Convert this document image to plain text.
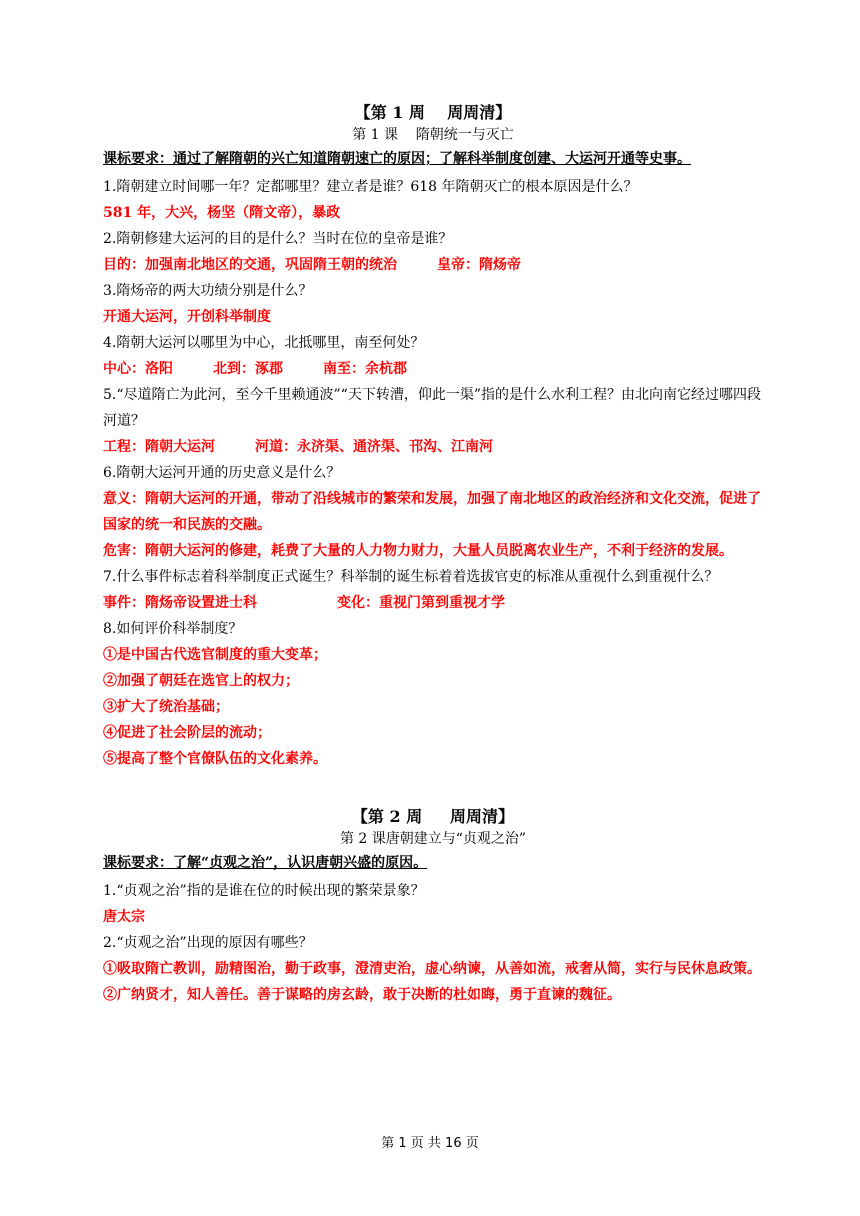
【第 1 周    周周清】

第 1 课    隋朝统一与灭亡

课标要求：通过了解隋朝的兴亡知道隋朝速亡的原因；了解科举制度创建、大运河开通等史事。

1.隋朝建立时间哪一年？定都哪里？建立者是谁？618 年隋朝灭亡的根本原因是什么？

581 年，大兴，杨坚（隋文帝），暴政

2.隋朝修建大运河的目的是什么？当时在位的皇帝是谁？

目的：加强南北地区的交通，巩固隋王朝的统治	皇帝：隋炀帝

3.隋炀帝的两大功绩分别是什么？

开通大运河，开创科举制度

4.隋朝大运河以哪里为中心，北抵哪里，南至何处？

中心：洛阳	北到：涿郡	南至：余杭郡

5.“尽道隋亡为此河，至今千里赖通波”“天下转漕，仰此一渠”指的是什么水利工程？由北向南它经过哪四段河道？

工程：隋朝大运河	河道：永济渠、通济渠、邗沟、江南河

6.隋朝大运河开通的历史意义是什么？

意义：隋朝大运河的开通，带动了沿线城市的繁荣和发展，加强了南北地区的政治经济和文化交流，促进了国家的统一和民族的交融。

危害：隋朝大运河的修建，耗费了大量的人力物力财力，大量人员脱离农业生产，不利于经济的发展。

7.什么事件标志着科举制度正式诞生？科举制的诞生标着着选拔官吏的标准从重视什么到重视什么？

事件：隋炀帝设置进士科	变化：重视门第到重视才学

8.如何评价科举制度？

①是中国古代选官制度的重大变革；

②加强了朝廷在选官上的权力；

③扩大了统治基础；

④促进了社会阶层的流动；

⑤提高了整个官僚队伍的文化素养。

【第 2 周     周周清】

第 2 课唐朝建立与“贞观之治”

课标要求：了解“贞观之治”，认识唐朝兴盛的原因。

1.“贞观之治”指的是谁在位的时候出现的繁荣景象？

唐太宗

2.“贞观之治”出现的原因有哪些？

①吸取隋亡教训，励精图治，勤于政事，澄清吏治，虚心纳谏，从善如流，戒奢从简，实行与民休息政策。

②广纳贤才，知人善任。善于谋略的房玄龄，敢于决断的杜如晦，勇于直谏的魏征。

第 1 页 共 16 页
